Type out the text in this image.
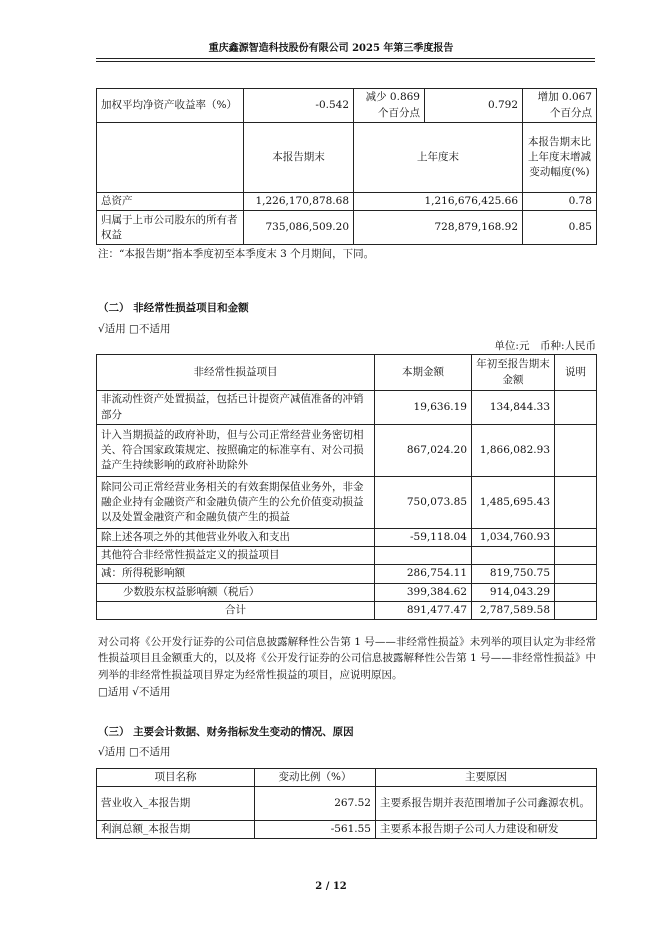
重庆鑫源智造科技股份有限公司 2025 年第三季度报告
加权平均净资产收益率（%）	-0.542	减少 0.869 个百分点	0.792	增加 0.067 个百分点
	本报告期末	上年度末		本报告期末比上年度末增减变动幅度(%)
总资产	1,226,170,878.68	1,216,676,425.66		0.78
归属于上市公司股东的所有者权益	735,086,509.20	728,879,168.92		0.85
注：“本报告期”指本季度初至本季度末 3 个月期间，下同。
（二） 非经常性损益项目和金额
√适用 □不适用
单位:元　币种:人民币
非经常性损益项目	本期金额	年初至报告期末金额	说明
非流动性资产处置损益，包括已计提资产减值准备的冲销部分	19,636.19	134,844.33	
计入当期损益的政府补助，但与公司正常经营业务密切相关、符合国家政策规定、按照确定的标准享有、对公司损益产生持续影响的政府补助除外	867,024.20	1,866,082.93	
除同公司正常经营业务相关的有效套期保值业务外，非金融企业持有金融资产和金融负债产生的公允价值变动损益以及处置金融资产和金融负债产生的损益	750,073.85	1,485,695.43	
除上述各项之外的其他营业外收入和支出	-59,118.04	1,034,760.93	
其他符合非经常性损益定义的损益项目			
减：所得税影响额	286,754.11	819,750.75	
少数股东权益影响额（税后）	399,384.62	914,043.29	
合计	891,477.47	2,787,589.58	
对公司将《公开发行证券的公司信息披露解释性公告第 1 号——非经常性损益》未列举的项目认定为非经常性损益项目且金额重大的，以及将《公开发行证券的公司信息披露解释性公告第 1 号——非经常性损益》中列举的非经常性损益项目界定为经常性损益的项目，应说明原因。
□适用 √不适用
（三） 主要会计数据、财务指标发生变动的情况、原因
√适用 □不适用
项目名称	变动比例（%）	主要原因
营业收入_本报告期	267.52	主要系报告期并表范围增加子公司鑫源农机。
利润总额_本报告期	-561.55	主要系本报告期子公司人力建设和研发
2 / 12
